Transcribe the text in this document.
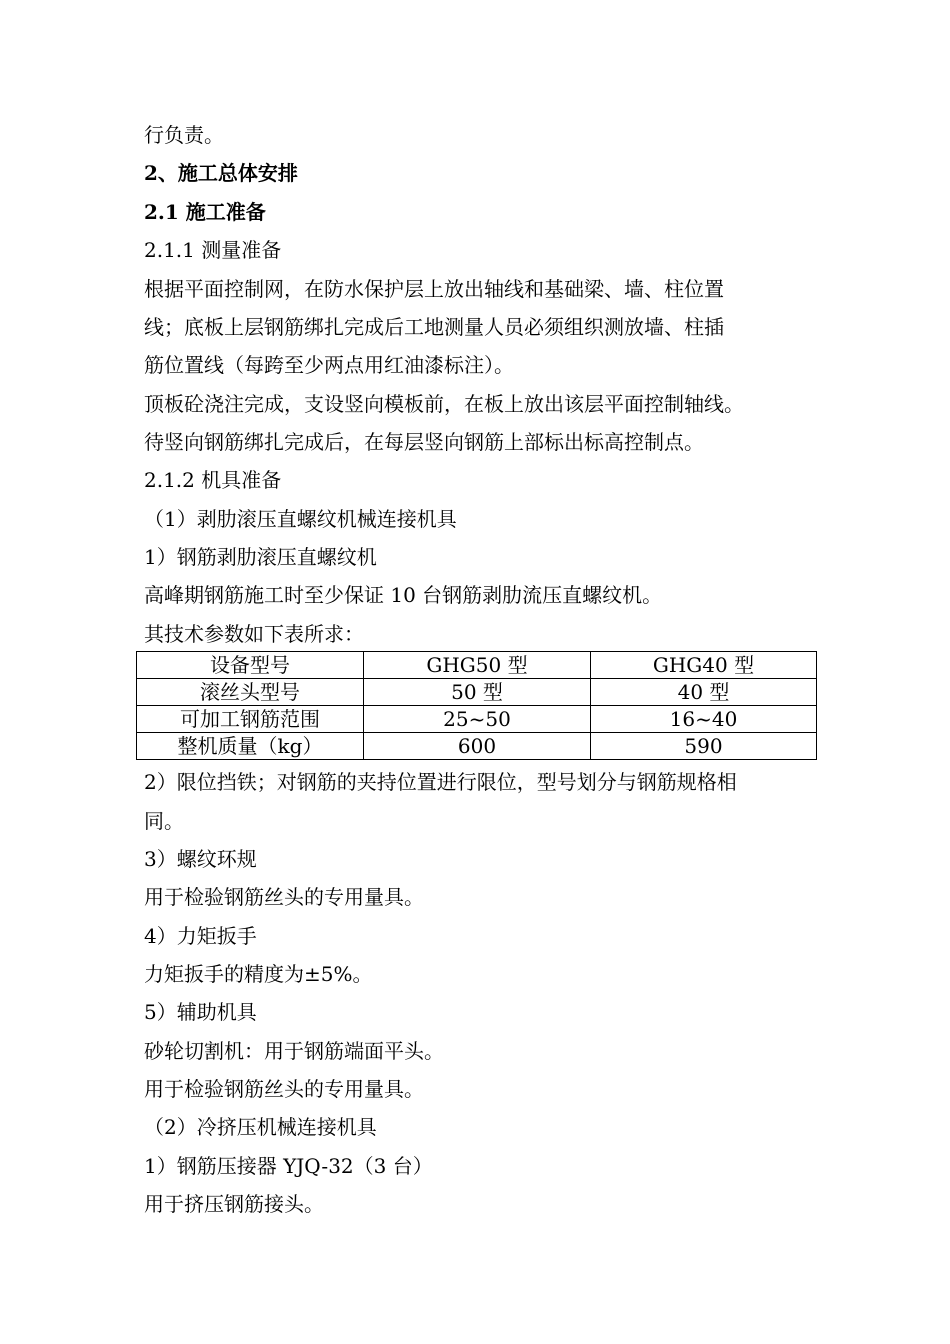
行负责。
2、施工总体安排
2.1 施工准备
2.1.1 测量准备
根据平面控制网，在防水保护层上放出轴线和基础梁、墙、柱位置
线；底板上层钢筋绑扎完成后工地测量人员必须组织测放墙、柱插
筋位置线（每跨至少两点用红油漆标注）。
顶板砼浇注完成，支设竖向模板前，在板上放出该层平面控制轴线。
待竖向钢筋绑扎完成后，在每层竖向钢筋上部标出标高控制点。
2.1.2 机具准备
（1）剥肋滚压直螺纹机械连接机具
1）钢筋剥肋滚压直螺纹机
高峰期钢筋施工时至少保证 10 台钢筋剥肋流压直螺纹机。
其技术参数如下表所求：
设备型号	GHG50 型	GHG40 型
滚丝头型号	50 型	40 型
可加工钢筋范围	25~50	16~40
整机质量（kg）	600	590
2）限位挡铁；对钢筋的夹持位置进行限位，型号划分与钢筋规格相
同。
3）螺纹环规
用于检验钢筋丝头的专用量具。
4）力矩扳手
力矩扳手的精度为±5%。
5）辅助机具
砂轮切割机：用于钢筋端面平头。
用于检验钢筋丝头的专用量具。
（2）冷挤压机械连接机具
1）钢筋压接器 YJQ-32（3 台）
用于挤压钢筋接头。
